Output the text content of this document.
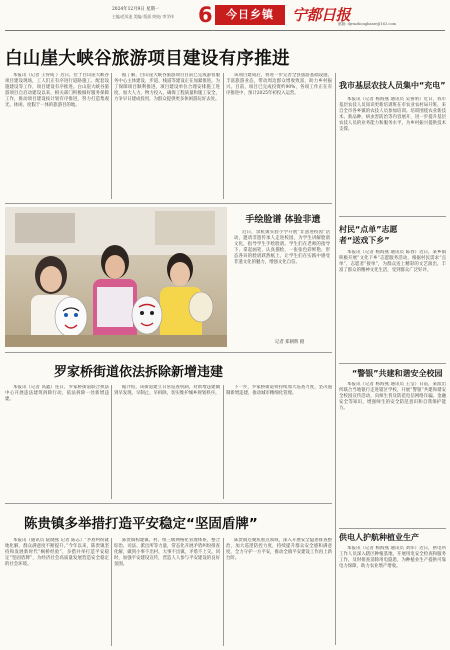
2024年12月9日 星期一
主编/范凤池 美编/ 版面 终校/ 李学伟 6	今日乡镇	宁都日报
邮箱: djrmzhongbanw@163.com
白山崖大峡谷旅游项目建设有序推进

本报讯（记者 王得成 ）近日，位于白山崖大峡谷项目建设现场，工人们正有序进行道路施工、配套设施建设等工作，项目建设有序推进。白山崖大峡谷旅游项目自启动建设以来，相关部门积极做好服务保障工作，推动项目建设按计划有序推进，努力打造集观光、休闲、度假于一体的旅游目的地。

据了解，白山崖大峡谷旅游项目目前已完成游客服务中心主体建设，步道、栈道等建设正在加紧推进。为了保障项目顺利推进，项目建设单位合理安排施工进度，加大人力、物力投入，确保工程质量和施工安全，力争早日建成投用，为群众提供更多休闲游玩好去处。

该项目建成后，将进一步完善全县旅游基础设施，丰富旅游业态，带动周边群众增收致富，助力乡村振兴。目前，项目已完成投资约90%，各项工作正在有序推进中，预计2025年初投入运营。

我市基层农技人员集中“充电”

本报讯（记者 杨海燕 通讯员 吴鲁明）近日，我市基层农技人员知识更新培训班在市农业农村局开班，来自全市各乡镇的农技人员参加培训。培训围绕农业新技术、新品种、病虫害防治等内容展开，进一步提升基层农技人员的业务能力和服务水平，为乡村振兴提供技术支撑。

村民“点单”志愿者“送戏下乡”

本报讯（记者 杨海燕 通讯员 陈春）近日，某乡镇积极开展“文化下乡”志愿服务活动，根据村民需求“点单”，志愿者“接单”，为群众送上精彩的文艺演出，丰富了群众的精神文化生活，受到群众广泛好评。

“警银”共建和谐安全校园

本报讯（记者 杨海燕 通讯员 王莹）日前，某派出所联合当地银行走进辖区学校，开展“警银”共建和谐安全校园宣传活动，向师生普及防范电信网络诈骗、金融安全等知识，增强师生的安全防范意识和自我保护能力。

供电人护航种植业生产

本报讯（记者 杨海燕 通讯员 刘伟）近日，供电所工作人员深入辖区种植基地，开展用电安全检查和服务工作，及时排查消除用电隐患，为种植业生产提供可靠电力保障，助力农业增产增收。

手绘脸谱 体验非遗

近日，余杭镇实验小学开展“非遗进校园”活动，邀请非遗传承人走进校园，为学生讲解脸谱文化，指导学生手绘脸谱。学生们在老师的指导下，拿起画笔，认真描绘，一张张色彩鲜艳、形态各异的脸谱跃然纸上，让学生们在实践中感受非遗文化的魅力，增强文化自信。

记者 郑朝辉 摄
罗家桥街道依法拆除新增违建

本报讯（记者 高鑫）连日，罗家桥街道联合执法中心开展违法建筑拆除行动，依法拆除一处新增违建。

据介绍，该街道建立日常巡查机制，对新增违建做到早发现、早制止、早拆除，切实维护城乡规划秩序。

下一步，罗家桥街道将持续加大巡查力度，坚决遏制新增违建，推动城市精细化管理。

陈贵镇多举措打造平安稳定“坚固盾牌”

本报讯（通讯员 阮晓燕 记者 陈志）“矛盾纠纷就地化解，群众满意度不断提升。”今年以来，陈贵镇坚持和发展新时代“枫桥经验”，多措并举打造平安稳定“坚固盾牌”，为经济社会高质量发展营造安全稳定的社会环境。

陈贵镇构建镇、村、组三级网格化管理体系，整合综治、司法、派出所等力量，常态化开展矛盾纠纷排查化解，做到小事不出村、大事不出镇、矛盾不上交。同时，加强平安建设宣传，营造人人参与平安建设的良好氛围。

陈贵镇还聚焦重点领域，深入开展安全隐患排查整治，加大巡逻防控力度，持续提升群众安全感和满意度，全力守护一方平安，推动全镇平安建设工作再上新台阶。
